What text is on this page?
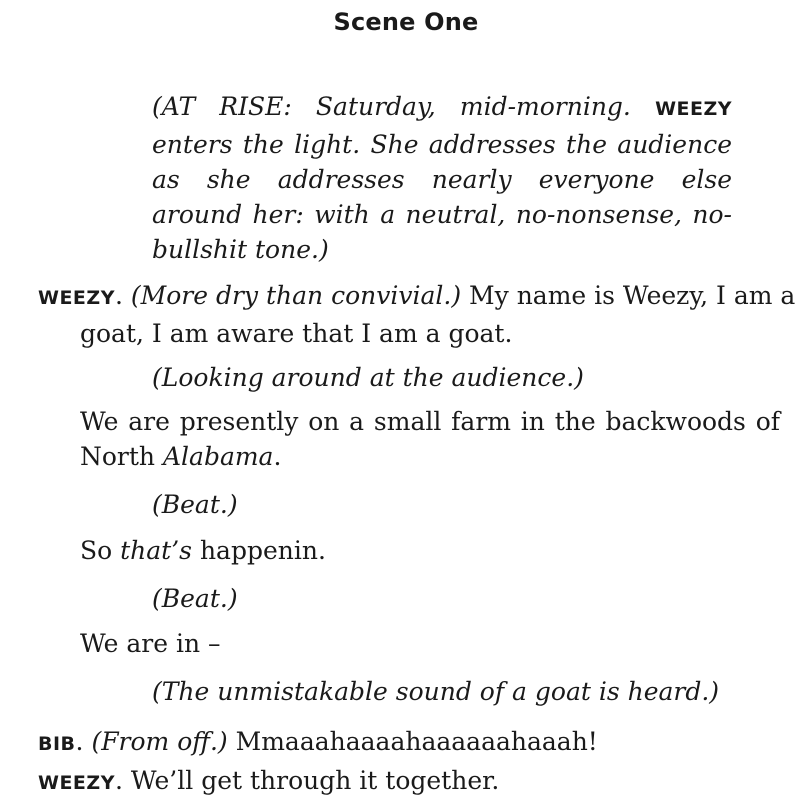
Scene One

(AT RISE: Saturday, mid-morning. WEEZY enters the light. She addresses the audience as she addresses nearly everyone else around her: with a neutral, no-nonsense, no-bullshit tone.)

WEEZY. (More dry than convivial.) My name is Weezy, I am a goat, I am aware that I am a goat.

(Looking around at the audience.)

We are presently on a small farm in the backwoods of North Alabama.

(Beat.)

So that’s happenin.

(Beat.)

We are in –

(The unmistakable sound of a goat is heard.)

BIB. (From off.) Mmaaahaaaahaaaaaahaaah!

WEEZY. We’ll get through it together.
